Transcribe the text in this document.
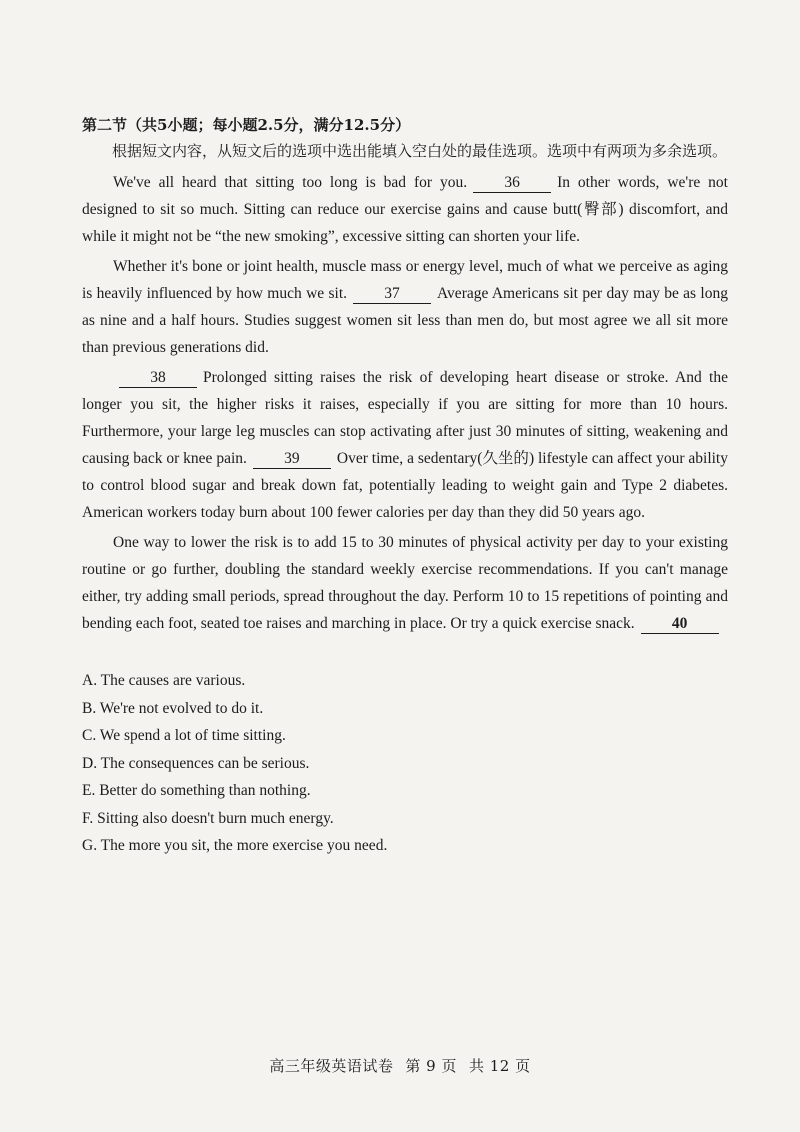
第二节（共5小题；每小题2.5分，满分12.5分）

根据短文内容，从短文后的选项中选出能填入空白处的最佳选项。选项中有两项为多余选项。

We've all heard that sitting too long is bad for you. 36 In other words, we're not designed to sit so much. Sitting can reduce our exercise gains and cause butt(臀部) discomfort, and while it might not be “the new smoking”, excessive sitting can shorten your life.

Whether it's bone or joint health, muscle mass or energy level, much of what we perceive as aging is heavily influenced by how much we sit. 37 Average Americans sit per day may be as long as nine and a half hours. Studies suggest women sit less than men do, but most agree we all sit more than previous generations did.

38 Prolonged sitting raises the risk of developing heart disease or stroke. And the longer you sit, the higher risks it raises, especially if you are sitting for more than 10 hours. Furthermore, your large leg muscles can stop activating after just 30 minutes of sitting, weakening and causing back or knee pain. 39 Over time, a sedentary(久坐的) lifestyle can affect your ability to control blood sugar and break down fat, potentially leading to weight gain and Type 2 diabetes. American workers today burn about 100 fewer calories per day than they did 50 years ago.

One way to lower the risk is to add 15 to 30 minutes of physical activity per day to your existing routine or go further, doubling the standard weekly exercise recommendations. If you can't manage either, try adding small periods, spread throughout the day. Perform 10 to 15 repetitions of pointing and bending each foot, seated toe raises and marching in place. Or try a quick exercise snack. 40

A. The causes are various.

B. We're not evolved to do it.

C. We spend a lot of time sitting.

D. The consequences can be serious.

E. Better do something than nothing.

F. Sitting also doesn't burn much energy.

G. The more you sit, the more exercise you need.

高三年级英语试卷 第 9 页 共 12 页
